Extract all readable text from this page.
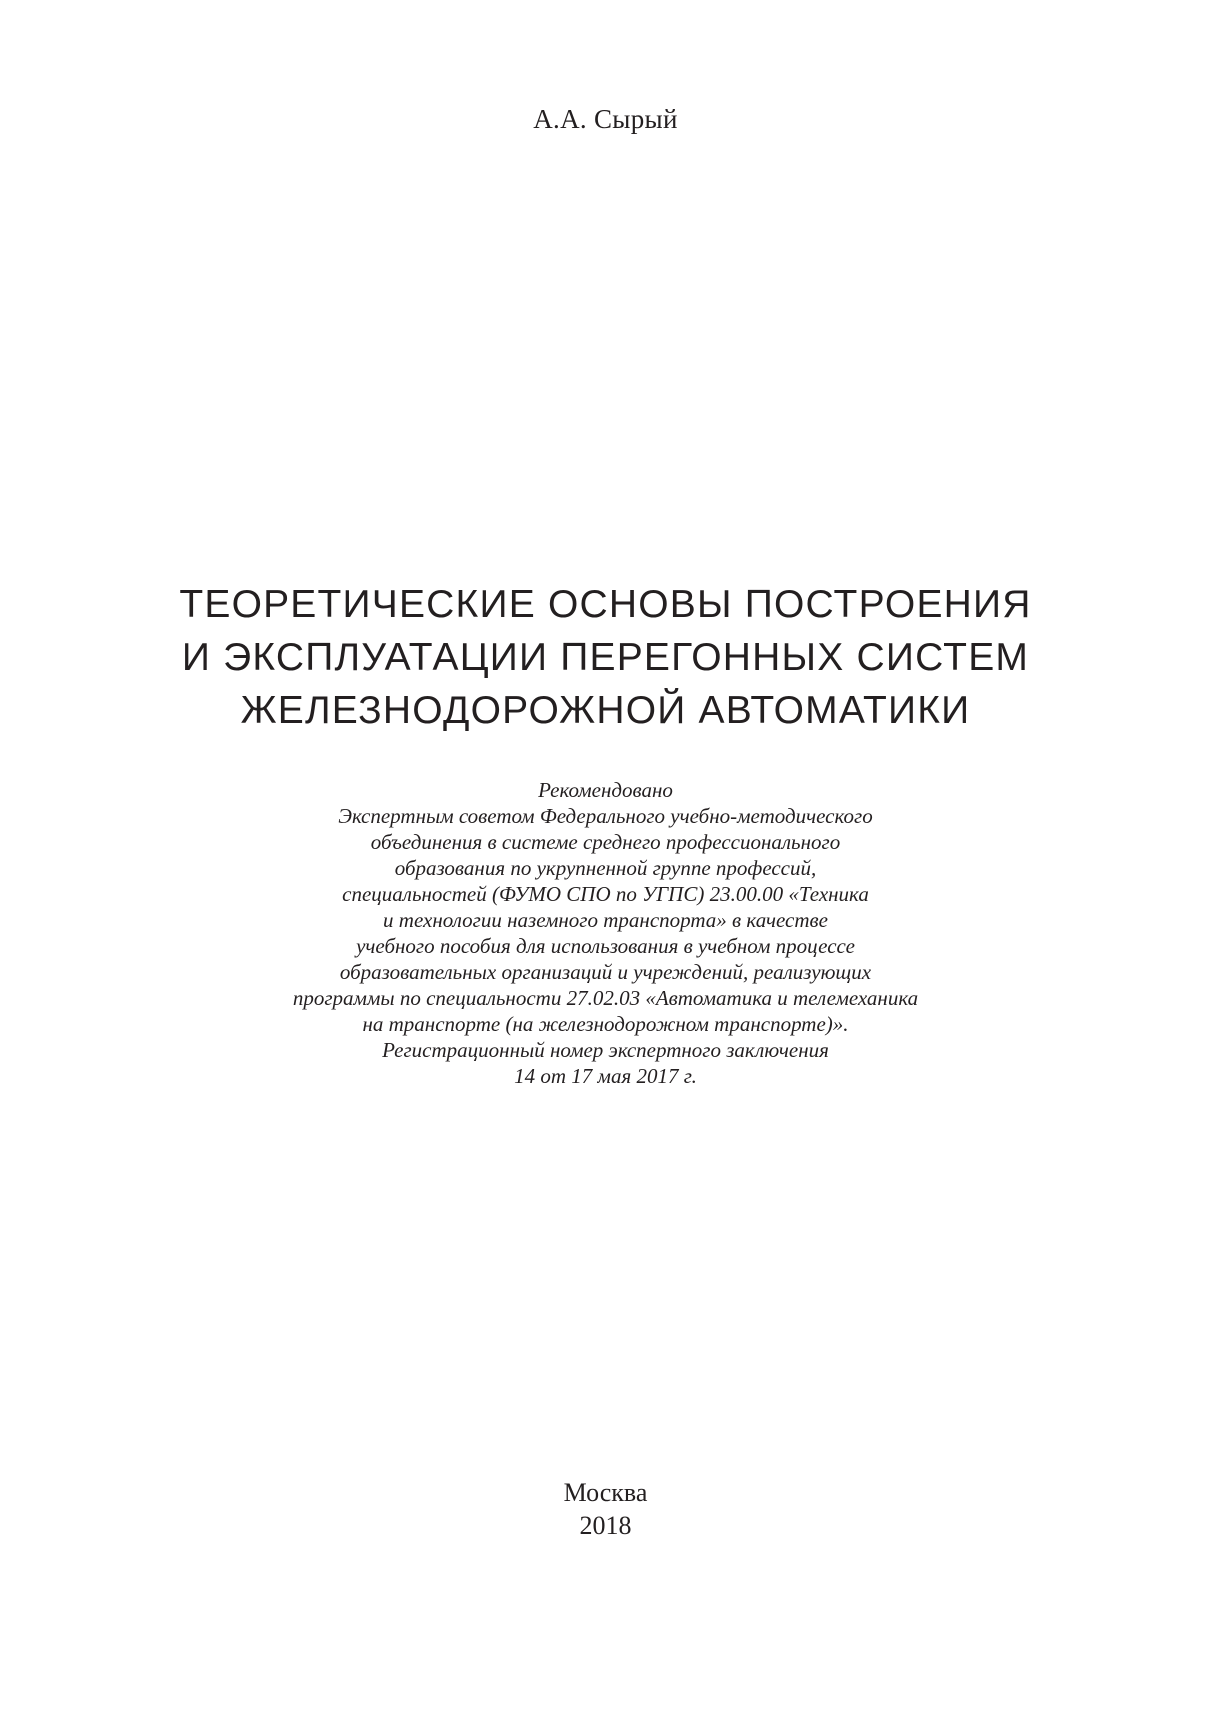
А.А. Сырый
ТЕОРЕТИЧЕСКИЕ ОСНОВЫ ПОСТРОЕНИЯ
И ЭКСПЛУАТАЦИИ ПЕРЕГОННЫХ СИСТЕМ
ЖЕЛЕЗНОДОРОЖНОЙ АВТОМАТИКИ
Рекомендовано
Экспертным советом Федерального учебно-методического
объединения в системе среднего профессионального
образования по укрупненной группе профессий,
специальностей (ФУМО СПО по УГПС) 23.00.00 «Техника
и технологии наземного транспорта» в качестве
учебного пособия для использования в учебном процессе
образовательных организаций и учреждений, реализующих
программы по специальности 27.02.03 «Автоматика и телемеханика
на транспорте (на железнодорожном транспорте)».
Регистрационный номер экспертного заключения
14 от 17 мая 2017 г.
Москва
2018
